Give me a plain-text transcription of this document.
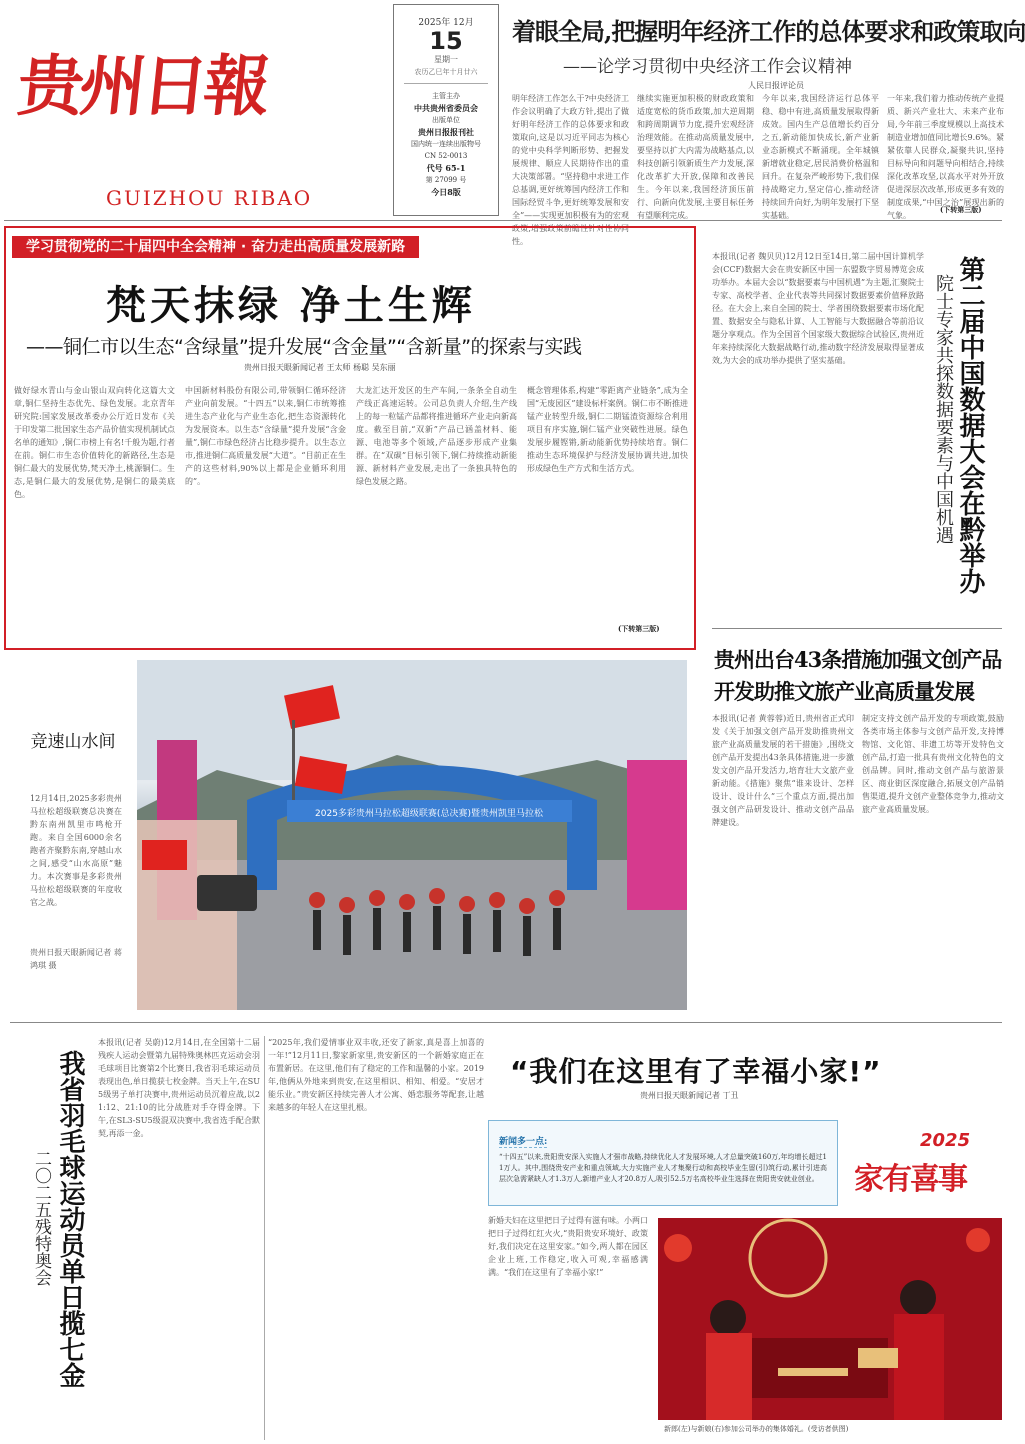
贵州日報
GUIZHOU RIBAO
2025年 12月
15
星期一
农历乙巳年十月廿六
主管主办
中共贵州省委员会
出版单位
贵州日报报刊社
国内统一连续出版物号
CN 52-0013
代号 65-1
第 27099 号
今日8版
着眼全局,把握明年经济工作的总体要求和政策取向
——论学习贯彻中央经济工作会议精神
人民日报评论员
明年经济工作怎么干?中央经济工作会议明确了大政方针,提出了做好明年经济工作的总体要求和政策取向,这是以习近平同志为核心的党中央科学判断形势、把握发展规律、顺应人民期待作出的重大决策部署。“坚持稳中求进工作总基调,更好统筹国内经济工作和国际经贸斗争,更好统筹发展和安全”——实现更加积极有为的宏观政策,增强政策前瞻性针对性协同性。
继续实施更加积极的财政政策和适度宽松的货币政策,加大逆周期和跨周期调节力度,提升宏观经济治理效能。在推动高质量发展中,要坚持以扩大内需为战略基点,以科技创新引领新质生产力发展,深化改革扩大开放,保障和改善民生。今年以来,我国经济顶压前行、向新向优发展,主要目标任务有望顺利完成。
今年以来,我国经济运行总体平稳、稳中有进,高质量发展取得新成效。国内生产总值增长约百分之五,新动能加快成长,新产业新业态新模式不断涌现。全年城镇新增就业稳定,居民消费价格温和回升。在复杂严峻形势下,我们保持战略定力,坚定信心,推动经济持续回升向好,为明年发展打下坚实基础。
一年来,我们着力推动传统产业提质、新兴产业壮大、未来产业布局,今年前三季度规模以上高技术制造业增加值同比增长9.6%。紧紧依靠人民群众,凝聚共识,坚持目标导向和问题导向相结合,持续深化改革攻坚,以高水平对外开放促进深层次改革,形成更多有效的制度成果,“中国之治”展现出新的气象。
(下转第三版)
学习贯彻党的二十届四中全会精神 · 奋力走出高质量发展新路
梵天抹绿 净土生辉
——铜仁市以生态“含绿量”提升发展“含金量”“含新量”的探索与实践
贵州日报天眼新闻记者 王太师 杨聪 吴东丽
做好绿水青山与金山银山双向转化这篇大文章,铜仁坚持生态优先、绿色发展。北京青年研究院:国家发展改革委办公厅近日发布《关于印发第二批国家生态产品价值实现机制试点名单的通知》,铜仁市榜上有名!千般为题,行者在前。铜仁市生态价值转化的新路径,生态是铜仁最大的发展优势,梵天净土,桃源铜仁。生态,是铜仁最大的发展优势,是铜仁的最美底色。
中国新材料股份有限公司,带领铜仁循环经济产业向前发展。“十四五”以来,铜仁市统筹推进生态产业化与产业生态化,把生态资源转化为发展资本。以生态“含绿量”提升发展“含金量”,铜仁市绿色经济占比稳步提升。以生态立市,推进铜仁高质量发展“大道”。“目前正在生产的这些材料,90%以上都是企业循环利用的”。
大龙汇达开发区的生产车间,一条条全自动生产线正高速运转。公司总负责人介绍,生产线上的每一粒锰产品都将推进循环产业走向新高度。截至目前,“双新”产品已涵盖材料、能源、电池等多个领域,产品逐步形成产业集群。在“双碳”目标引领下,铜仁持续推动新能源、新材料产业发展,走出了一条独具特色的绿色发展之路。
概念管理体系,构建“零距离产业链条”,成为全国“无废园区”建设标杆案例。铜仁市不断推进锰产业转型升级,铜仁二期锰渣资源综合利用项目有序实施,铜仁锰产业突破性进展。绿色发展步履铿锵,新动能新优势持续培育。铜仁推动生态环境保护与经济发展协调共进,加快形成绿色生产方式和生活方式。
(下转第三版)
本报讯(记者 魏贝贝)12月12日至14日,第二届中国计算机学会(CCF)数据大会在贵安新区中国一东盟数字贸易博览会成功举办。本届大会以“数据要素与中国机遇”为主题,汇聚院士专家、高校学者、企业代表等共同探讨数据要素价值释放路径。在大会上,来自全国的院士、学者围绕数据要素市场化配置、数据安全与隐私计算、人工智能与大数据融合等前沿议题分享观点。作为全国首个国家级大数据综合试验区,贵州近年来持续深化大数据战略行动,推动数字经济发展取得显著成效,为大会的成功举办提供了坚实基础。	院士专家共探数据要素与中国机遇 第二届中国数据大会在黔举办
贵州出台43条措施加强文创产品开发助推文旅产业高质量发展
本报讯(记者 黄蓉蓉)近日,贵州省正式印发《关于加强文创产品开发助推贵州文旅产业高质量发展的若干措施》,围绕文创产品开发提出43条具体措施,进一步激发文创产品开发活力,培育壮大文旅产业新动能。《措施》聚焦“谁来设计、怎样设计、设计什么”三个重点方面,提出加强文创产品研发设计、推动文创产品品牌建设。
制定支持文创产品开发的专项政策,鼓励各类市场主体参与文创产品开发,支持博物馆、文化馆、非遗工坊等开发特色文创产品,打造一批具有贵州文化特色的文创品牌。同时,推动文创产品与旅游景区、商业街区深度融合,拓展文创产品销售渠道,提升文创产业整体竞争力,推动文旅产业高质量发展。
竞速山水间
12月14日,2025多彩贵州马拉松超级联赛总决赛在黔东南州凯里市鸣枪开跑。来自全国6000余名跑者齐聚黔东南,穿越山水之间,感受“山水高原”魅力。本次赛事是多彩贵州马拉松超级联赛的年度收官之战。
贵州日报天眼新闻记者 蒋鸿琪 摄
2025多彩贵州马拉松超级联赛(总决赛)暨贵州凯里马拉松
我省羽毛球运动员单日揽七金
二〇二五残特奥会
本报讯(记者 吴蔚)12月14日,在全国第十二届残疾人运动会暨第九届特殊奥林匹克运动会羽毛球项目比赛第2个比赛日,我省羽毛球运动员表现出色,单日揽获七枚金牌。当天上午,在SU5级男子单打决赛中,贵州运动员沉着应战,以21:12、21:10的比分战胜对手夺得金牌。下午,在SL3-SU5级混双决赛中,我省选手配合默契,再添一金。
“2025年,我们爱情事业双丰收,还安了新家,真是喜上加喜的一年!”12月11日,黎家新家里,贵安新区的一个新婚家庭正在布置新居。在这里,他们有了稳定的工作和温馨的小家。2019年,他俩从外地来到贵安,在这里相识、相知、相爱。“安居才能乐业。”贵安新区持续完善人才公寓、婚恋服务等配套,让越来越多的年轻人在这里扎根。
“我们在这里有了幸福小家!”
贵州日报天眼新闻记者 丁丑
新闻多一点:
“十四五”以来,贵阳贵安深入实施人才强市战略,持续优化人才发展环境,人才总量突破160万,年均增长超过11万人。其中,围绕贵安产业和重点领域,大力实施产业人才集聚行动和高校毕业生留(引)筑行动,累计引进高层次急需紧缺人才1.3万人,新增产业人才20.8万人,吸引52.5万名高校毕业生选择在贵阳贵安就业创业。
2025
家有喜事
新婚夫妇在这里把日子过得有滋有味。小两口把日子过得红红火火,“贵阳贵安环境好、政策好,我们决定在这里安家。”如今,两人都在园区企业上班,工作稳定,收入可观,幸福感满满。“我们在这里有了幸福小家!”
新郎(左)与新娘(右)参加公司举办的集体婚礼。(受访者供图)
